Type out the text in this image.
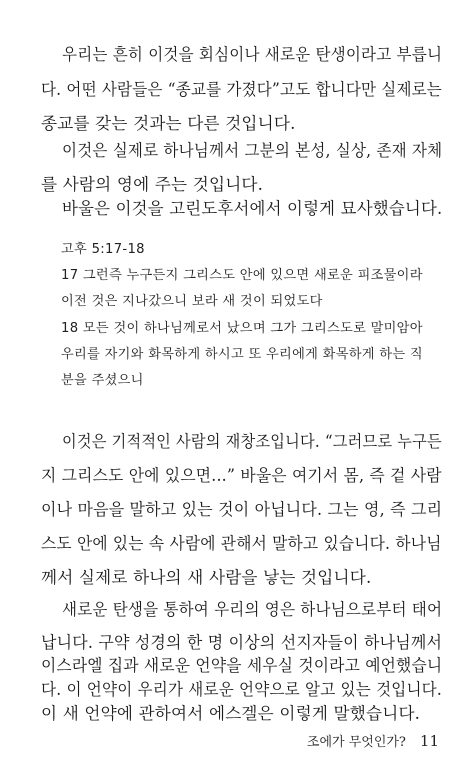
우리는 흔히 이것을 회심이나 새로운 탄생이라고 부릅니
다. 어떤 사람들은 “종교를 가졌다”고도 합니다만 실제로는
종교를 갖는 것과는 다른 것입니다.
이것은 실제로 하나님께서 그분의 본성, 실상, 존재 자체
를 사람의 영에 주는 것입니다.
바울은 이것을 고린도후서에서 이렇게 묘사했습니다.
고후 5:17-18
17 그런즉 누구든지 그리스도 안에 있으면 새로운 피조물이라
이전 것은 지나갔으니 보라 새 것이 되었도다
18 모든 것이 하나님께로서 났으며 그가 그리스도로 말미암아
우리를 자기와 화목하게 하시고 또 우리에게 화목하게 하는 직
분을 주셨으니
이것은 기적적인 사람의 재창조입니다. “그러므로 누구든
지 그리스도 안에 있으면...” 바울은 여기서 몸, 즉 겉 사람
이나 마음을 말하고 있는 것이 아닙니다. 그는 영, 즉 그리
스도 안에 있는 속 사람에 관해서 말하고 있습니다. 하나님
께서 실제로 하나의 새 사람을 낳는 것입니다.
새로운 탄생을 통하여 우리의 영은 하나님으로부터 태어
납니다. 구약 성경의 한 명 이상의 선지자들이 하나님께서
이스라엘 집과 새로운 언약을 세우실 것이라고 예언했습니
다. 이 언약이 우리가 새로운 언약으로 알고 있는 것입니다.
이 새 언약에 관하여서 에스겔은 이렇게 말했습니다.
조에가 무엇인가? 11
